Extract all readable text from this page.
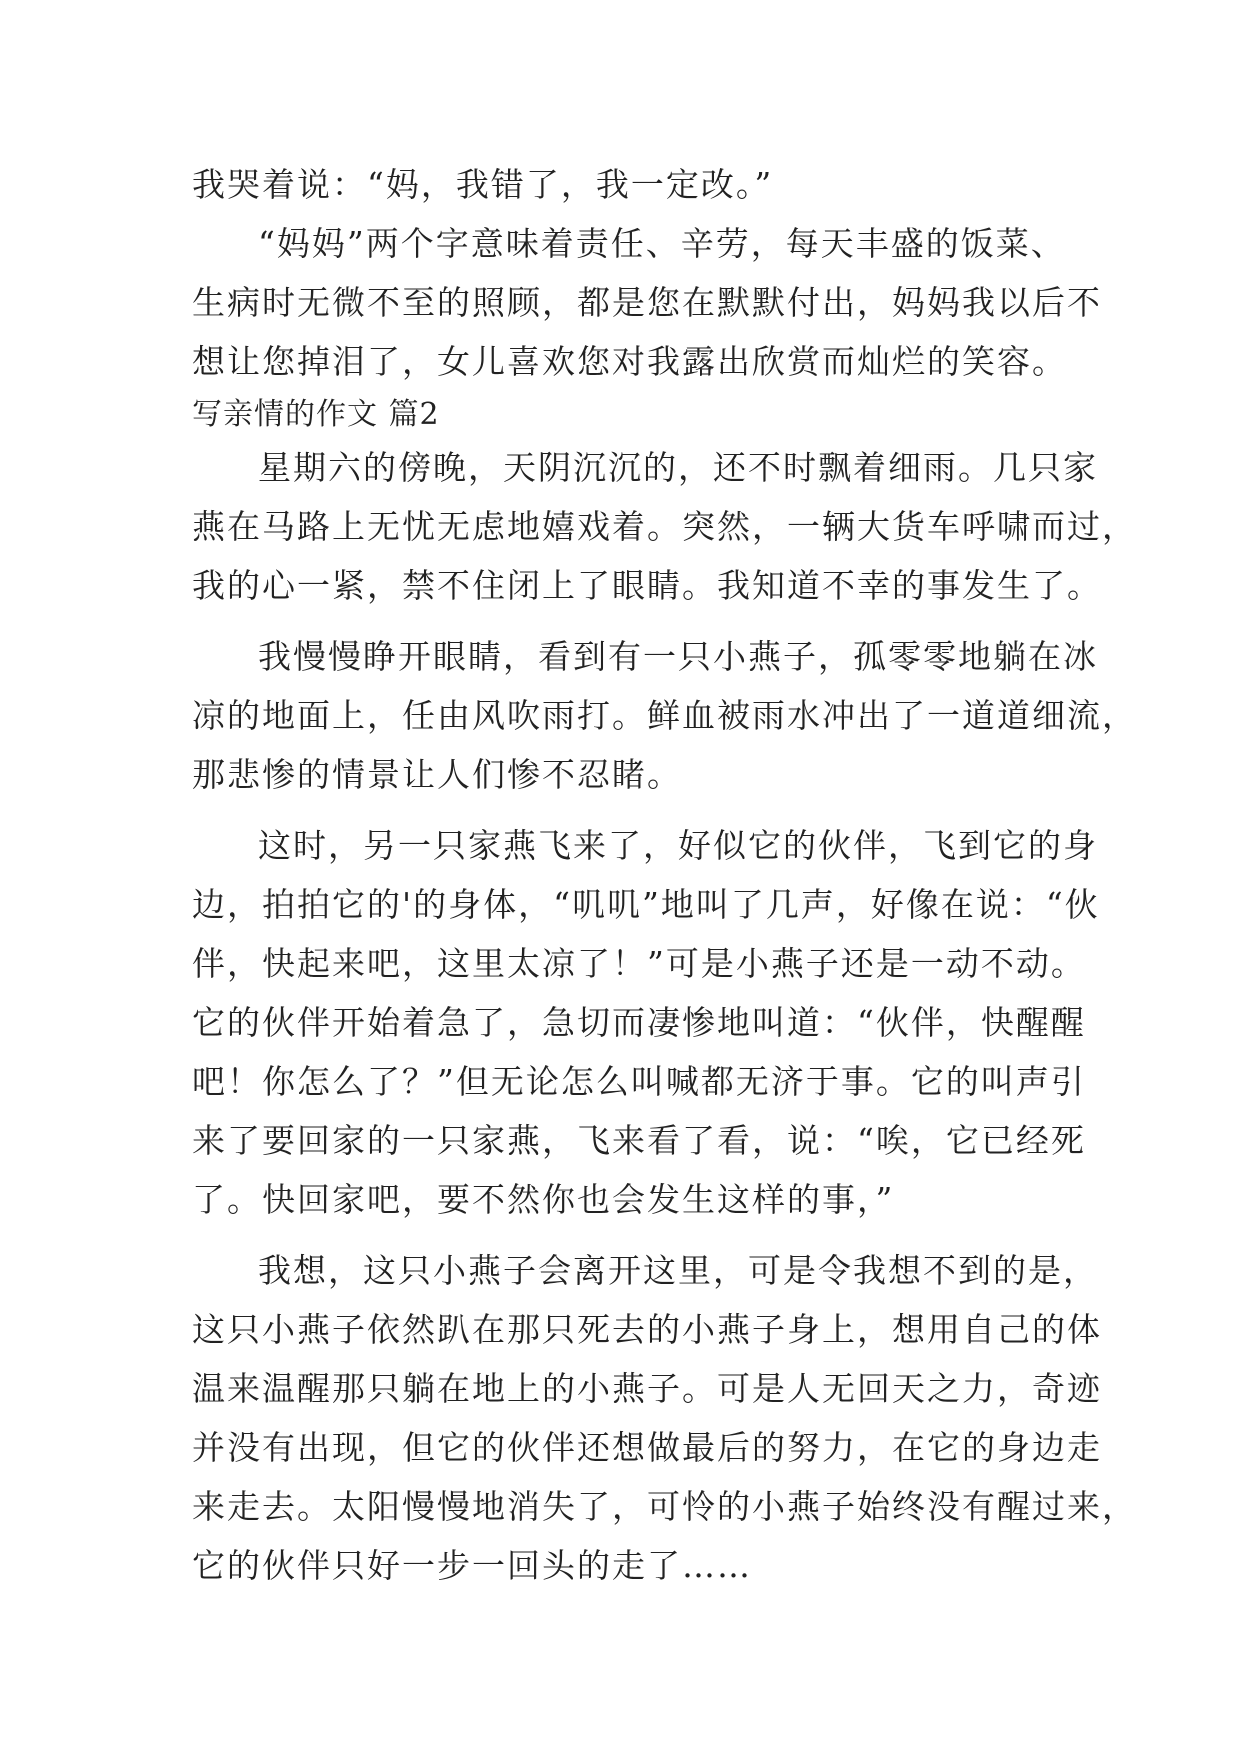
我哭着说：“妈，我错了，我一定改。”
“妈妈”两个字意味着责任、辛劳，每天丰盛的饭菜、
生病时无微不至的照顾，都是您在默默付出，妈妈我以后不
想让您掉泪了，女儿喜欢您对我露出欣赏而灿烂的笑容。
写亲情的作文 篇2
星期六的傍晚，天阴沉沉的，还不时飘着细雨。几只家
燕在马路上无忧无虑地嬉戏着。突然，一辆大货车呼啸而过，
我的心一紧，禁不住闭上了眼睛。我知道不幸的事发生了。
我慢慢睁开眼睛，看到有一只小燕子，孤零零地躺在冰
凉的地面上，任由风吹雨打。鲜血被雨水冲出了一道道细流，
那悲惨的情景让人们惨不忍睹。
这时，另一只家燕飞来了，好似它的伙伴，飞到它的身
边，拍拍它的'的身体，“叽叽”地叫了几声，好像在说：“伙
伴，快起来吧，这里太凉了！”可是小燕子还是一动不动。
它的伙伴开始着急了，急切而凄惨地叫道：“伙伴，快醒醒
吧！你怎么了？”但无论怎么叫喊都无济于事。它的叫声引
来了要回家的一只家燕，飞来看了看，说：“唉，它已经死
了。快回家吧，要不然你也会发生这样的事，”
我想，这只小燕子会离开这里，可是令我想不到的是，
这只小燕子依然趴在那只死去的小燕子身上，想用自己的体
温来温醒那只躺在地上的小燕子。可是人无回天之力，奇迹
并没有出现，但它的伙伴还想做最后的努力，在它的身边走
来走去。太阳慢慢地消失了，可怜的小燕子始终没有醒过来，
它的伙伴只好一步一回头的走了……
